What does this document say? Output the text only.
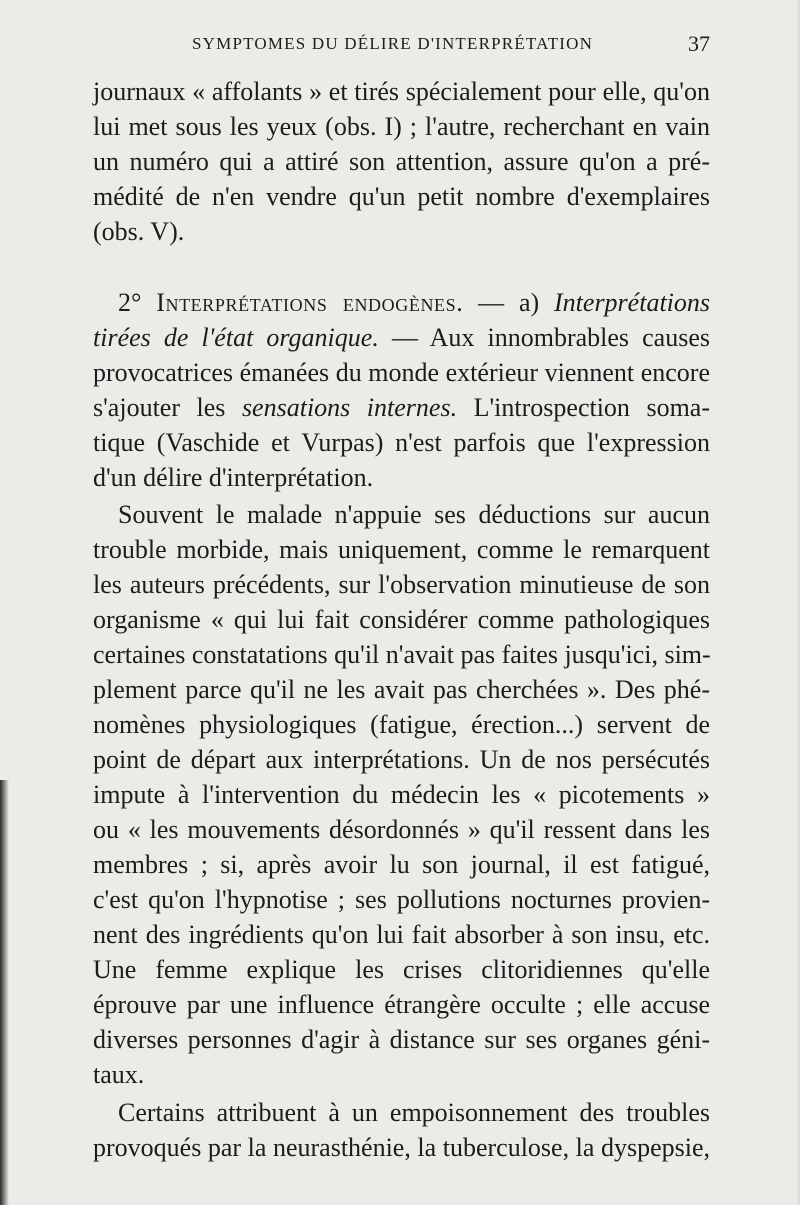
SYMPTOMES DU DÉLIRE D'INTERPRÉTATION	37
journaux « affolants » et tirés spécialement pour elle, qu'on
lui met sous les yeux (obs. I) ; l'autre, recherchant en vain
un numéro qui a attiré son attention, assure qu'on a pré-
médité de n'en vendre qu'un petit nombre d'exemplaires
(obs. V).
2° Interprétations endogènes. — a) Interprétations
tirées de l'état organique. — Aux innombrables causes
provocatrices émanées du monde extérieur viennent encore
s'ajouter les sensations internes. L'introspection soma-
tique (Vaschide et Vurpas) n'est parfois que l'expression
d'un délire d'interprétation.
Souvent le malade n'appuie ses déductions sur aucun
trouble morbide, mais uniquement, comme le remarquent
les auteurs précédents, sur l'observation minutieuse de son
organisme « qui lui fait considérer comme pathologiques
certaines constatations qu'il n'avait pas faites jusqu'ici, sim-
plement parce qu'il ne les avait pas cherchées ». Des phé-
nomènes physiologiques (fatigue, érection...) servent de
point de départ aux interprétations. Un de nos persécutés
impute à l'intervention du médecin les « picotements »
ou « les mouvements désordonnés » qu'il ressent dans les
membres ; si, après avoir lu son journal, il est fatigué,
c'est qu'on l'hypnotise ; ses pollutions nocturnes provien-
nent des ingrédients qu'on lui fait absorber à son insu, etc.
Une femme explique les crises clitoridiennes qu'elle
éprouve par une influence étrangère occulte ; elle accuse
diverses personnes d'agir à distance sur ses organes géni-
taux.
Certains attribuent à un empoisonnement des troubles
provoqués par la neurasthénie, la tuberculose, la dyspepsie,
